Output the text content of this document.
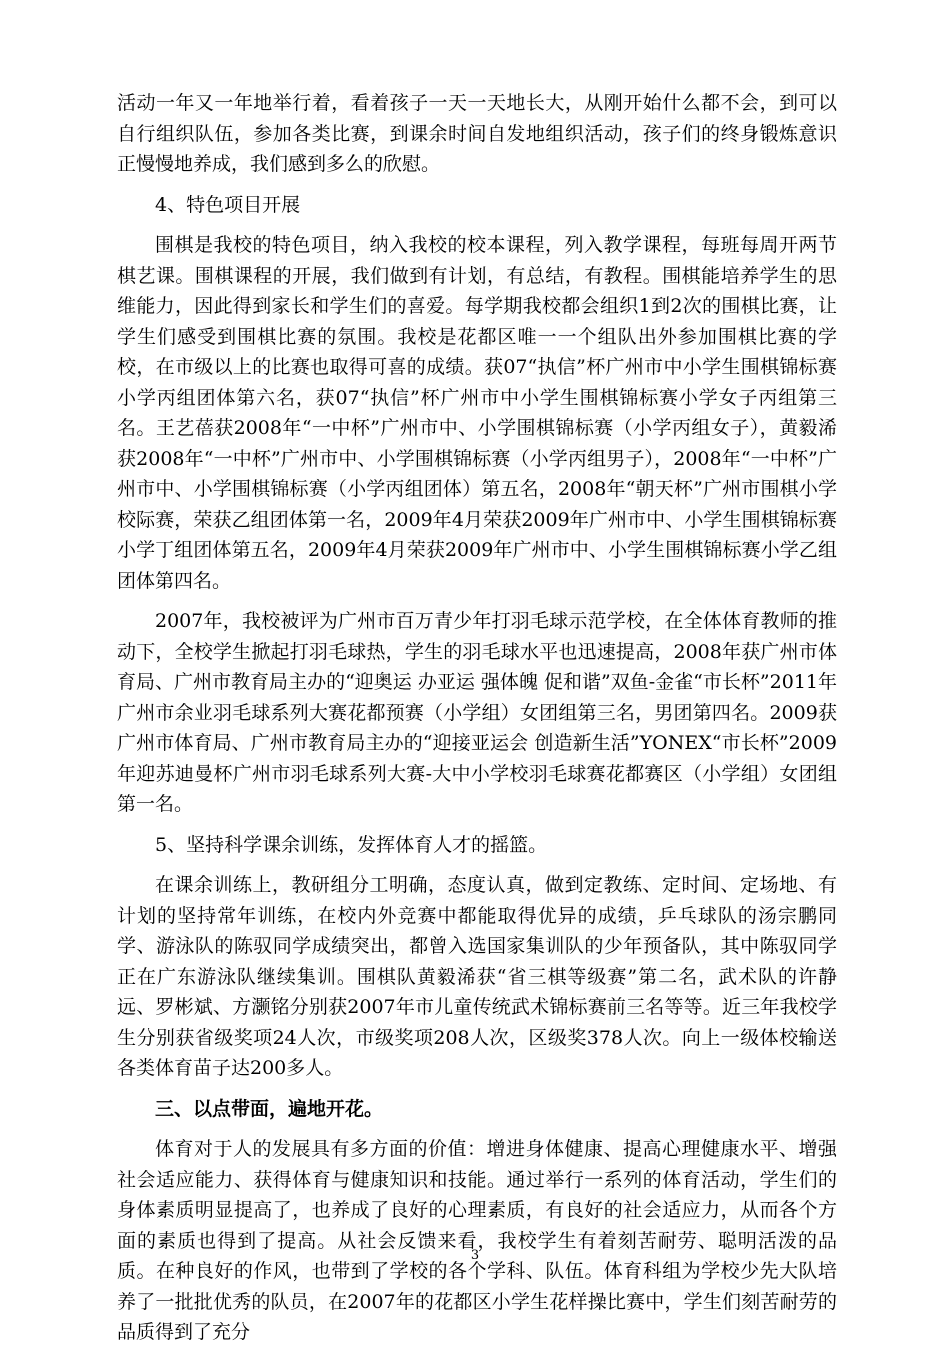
活动一年又一年地举行着，看着孩子一天一天地长大，从刚开始什么都不会，到可以自行组织队伍，参加各类比赛，到课余时间自发地组织活动，孩子们的终身锻炼意识正慢慢地养成，我们感到多么的欣慰。

4、特色项目开展

围棋是我校的特色项目，纳入我校的校本课程，列入教学课程，每班每周开两节棋艺课。围棋课程的开展，我们做到有计划，有总结，有教程。围棋能培养学生的思维能力，因此得到家长和学生们的喜爱。每学期我校都会组织1到2次的围棋比赛，让学生们感受到围棋比赛的氛围。我校是花都区唯一一个组队出外参加围棋比赛的学校，在市级以上的比赛也取得可喜的成绩。获07“执信”杯广州市中小学生围棋锦标赛小学丙组团体第六名，获07“执信”杯广州市中小学生围棋锦标赛小学女子丙组第三名。王艺蓓获2008年“一中杯”广州市中、小学围棋锦标赛（小学丙组女子），黄毅浠获2008年“一中杯”广州市中、小学围棋锦标赛（小学丙组男子），2008年“一中杯”广州市中、小学围棋锦标赛（小学丙组团体）第五名，2008年“朝天杯”广州市围棋小学校际赛，荣获乙组团体第一名，2009年4月荣获2009年广州市中、小学生围棋锦标赛小学丁组团体第五名，2009年4月荣获2009年广州市中、小学生围棋锦标赛小学乙组团体第四名。

2007年，我校被评为广州市百万青少年打羽毛球示范学校，在全体体育教师的推动下，全校学生掀起打羽毛球热，学生的羽毛球水平也迅速提高，2008年获广州市体育局、广州市教育局主办的“迎奥运 办亚运 强体魄 促和谐”双鱼-金雀“市长杯”2011年广州市余业羽毛球系列大赛花都预赛（小学组）女团组第三名，男团第四名。2009获广州市体育局、广州市教育局主办的“迎接亚运会 创造新生活”YONEX“市长杯”2009年迎苏迪曼杯广州市羽毛球系列大赛-大中小学校羽毛球赛花都赛区（小学组）女团组第一名。

5、坚持科学课余训练，发挥体育人才的摇篮。

在课余训练上，教研组分工明确，态度认真，做到定教练、定时间、定场地、有计划的坚持常年训练，在校内外竞赛中都能取得优异的成绩，乒乓球队的汤宗鹏同学、游泳队的陈驭同学成绩突出，都曾入选国家集训队的少年预备队，其中陈驭同学正在广东游泳队继续集训。围棋队黄毅浠获“省三棋等级赛”第二名，武术队的许静远、罗彬斌、方灏铭分别获2007年市儿童传统武术锦标赛前三名等等。近三年我校学生分别获省级奖项24人次，市级奖项208人次，区级奖378人次。向上一级体校输送各类体育苗子达200多人。

三、以点带面，遍地开花。

体育对于人的发展具有多方面的价值：增进身体健康、提高心理健康水平、增强社会适应能力、获得体育与健康知识和技能。通过举行一系列的体育活动，学生们的身体素质明显提高了，也养成了良好的心理素质，有良好的社会适应力，从而各个方面的素质也得到了提高。从社会反馈来看，我校学生有着刻苦耐劳、聪明活泼的品质。在种良好的作风，也带到了学校的各个学科、队伍。体育科组为学校少先大队培养了一批批优秀的队员，在2007年的花都区小学生花样操比赛中，学生们刻苦耐劳的品质得到了充分

3
